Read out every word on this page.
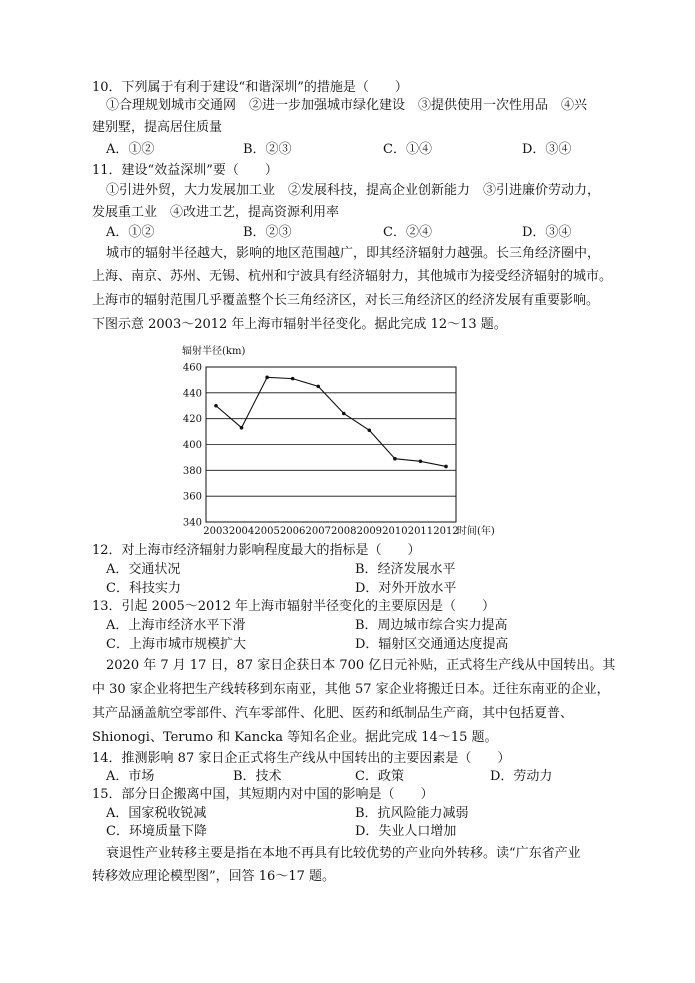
10．下列属于有利于建设“和谐深圳”的措施是（　　）
①合理规划城市交通网　②进一步加强城市绿化建设　③提供使用一次性用品　④兴
建别墅，提高居住质量
A．①②	B．②③	C．①④	D．③④
11．建设“效益深圳”要（　　）
①引进外贸，大力发展加工业　②发展科技，提高企业创新能力　③引进廉价劳动力，
发展重工业　④改进工艺，提高资源利用率
A．①②	B．②③	C．②④	D．③④
城市的辐射半径越大，影响的地区范围越广，即其经济辐射力越强。长三角经济圈中，
上海、南京、苏州、无锡、杭州和宁波具有经济辐射力，其他城市为接受经济辐射的城市。
上海市的辐射范围几乎覆盖整个长三角经济区，对长三角经济区的经济发展有重要影响。
下图示意 2003～2012 年上海市辐射半径变化。据此完成 12～13 题。
辐射半径(km)
340
360
380
400
420
440
460
2003 2004 2005 2006 2007 2008 2009 2010 2011 2012
时间(年)
12．对上海市经济辐射力影响程度最大的指标是（　　）
A．交通状况	B．经济发展水平
C．科技实力	D．对外开放水平
13．引起 2005～2012 年上海市辐射半径变化的主要原因是（　　）
A．上海市经济水平下滑	B．周边城市综合实力提高
C．上海市城市规模扩大	D．辐射区交通通达度提高
2020 年 7 月 17 日，87 家日企获日本 700 亿日元补贴，正式将生产线从中国转出。其
中 30 家企业将把生产线转移到东南亚，其他 57 家企业将搬迁日本。迁往东南亚的企业，
其产品涵盖航空零部件、汽车零部件、化肥、医药和纸制品生产商，其中包括夏普、
Shionogi、Terumo 和 Kancka 等知名企业。据此完成 14～15 题。
14．推测影响 87 家日企正式将生产线从中国转出的主要因素是（　　）
A．市场	B．技术	C．政策	D．劳动力
15．部分日企搬离中国，其短期内对中国的影响是（　　）
A．国家税收锐减	B．抗风险能力减弱
C．环境质量下降	D．失业人口增加
衰退性产业转移主要是指在本地不再具有比较优势的产业向外转移。读“广东省产业
转移效应理论模型图”，回答 16～17 题。
